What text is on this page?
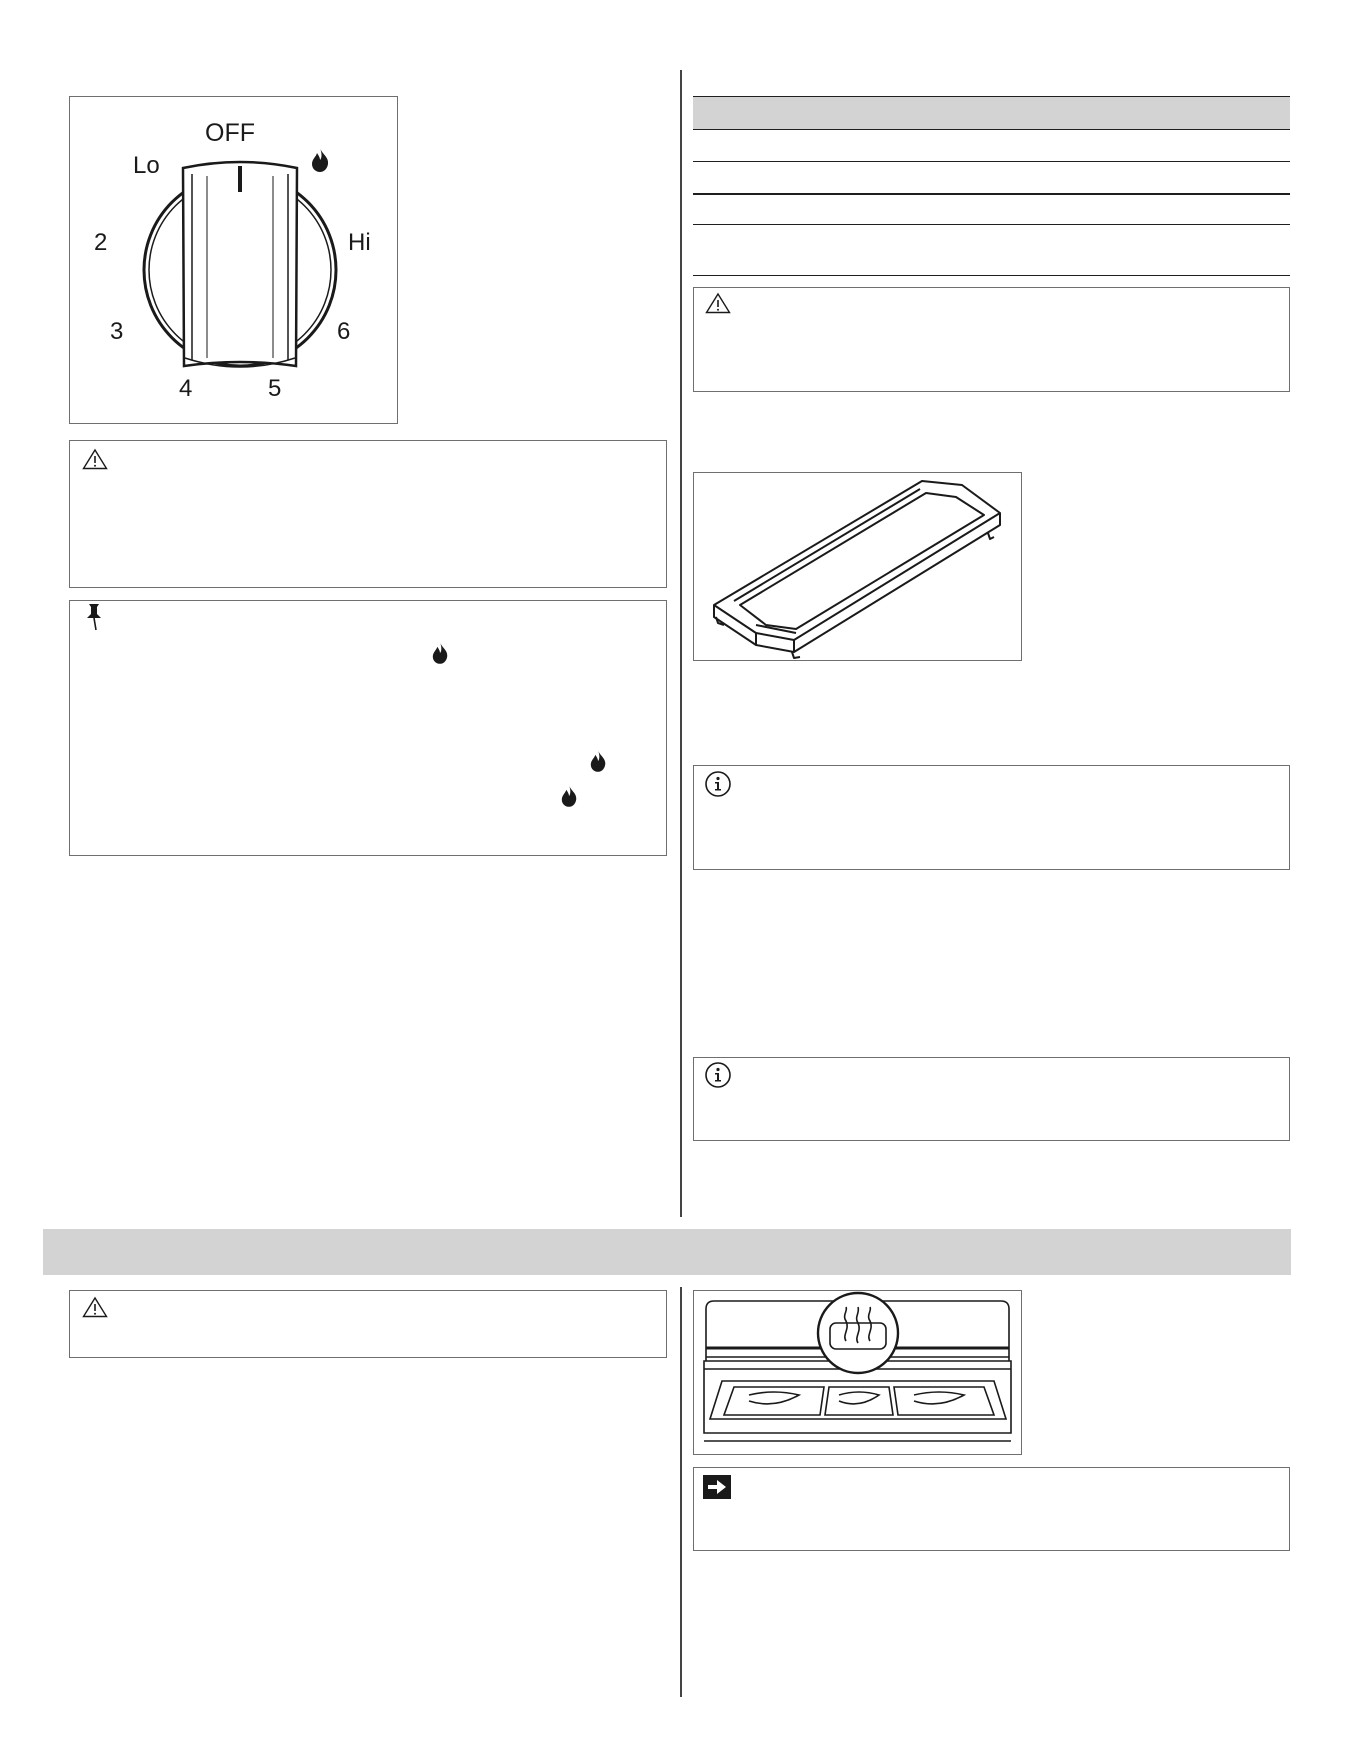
OFF
Lo
Hi
2
3
4	5
6
